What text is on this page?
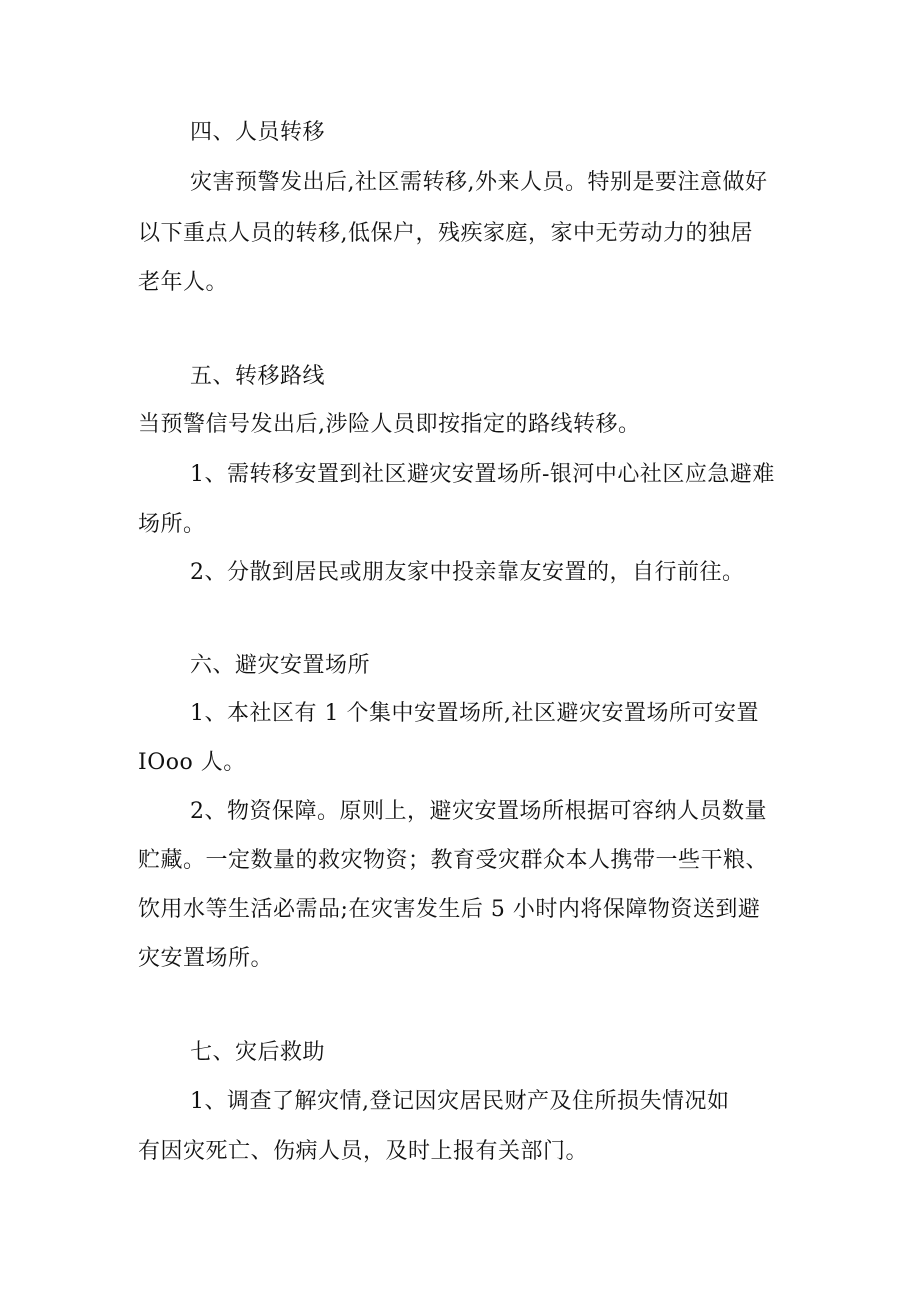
四、人员转移
灾害预警发出后,社区需转移,外来人员。特别是要注意做好
以下重点人员的转移,低保户，残疾家庭，家中无劳动力的独居
老年人。
五、转移路线
当预警信号发出后,涉险人员即按指定的路线转移。
1、需转移安置到社区避灾安置场所-银河中心社区应急避难
场所。
2、分散到居民或朋友家中投亲靠友安置的，自行前往。
六、避灾安置场所
1、本社区有 1 个集中安置场所,社区避灾安置场所可安置
IOoo 人。
2、物资保障。原则上，避灾安置场所根据可容纳人员数量
贮藏。一定数量的救灾物资；教育受灾群众本人携带一些干粮、
饮用水等生活必需品;在灾害发生后 5 小时内将保障物资送到避
灾安置场所。
七、灾后救助
1、调查了解灾情,登记因灾居民财产及住所损失情况如
有因灾死亡、伤病人员，及时上报有关部门。
